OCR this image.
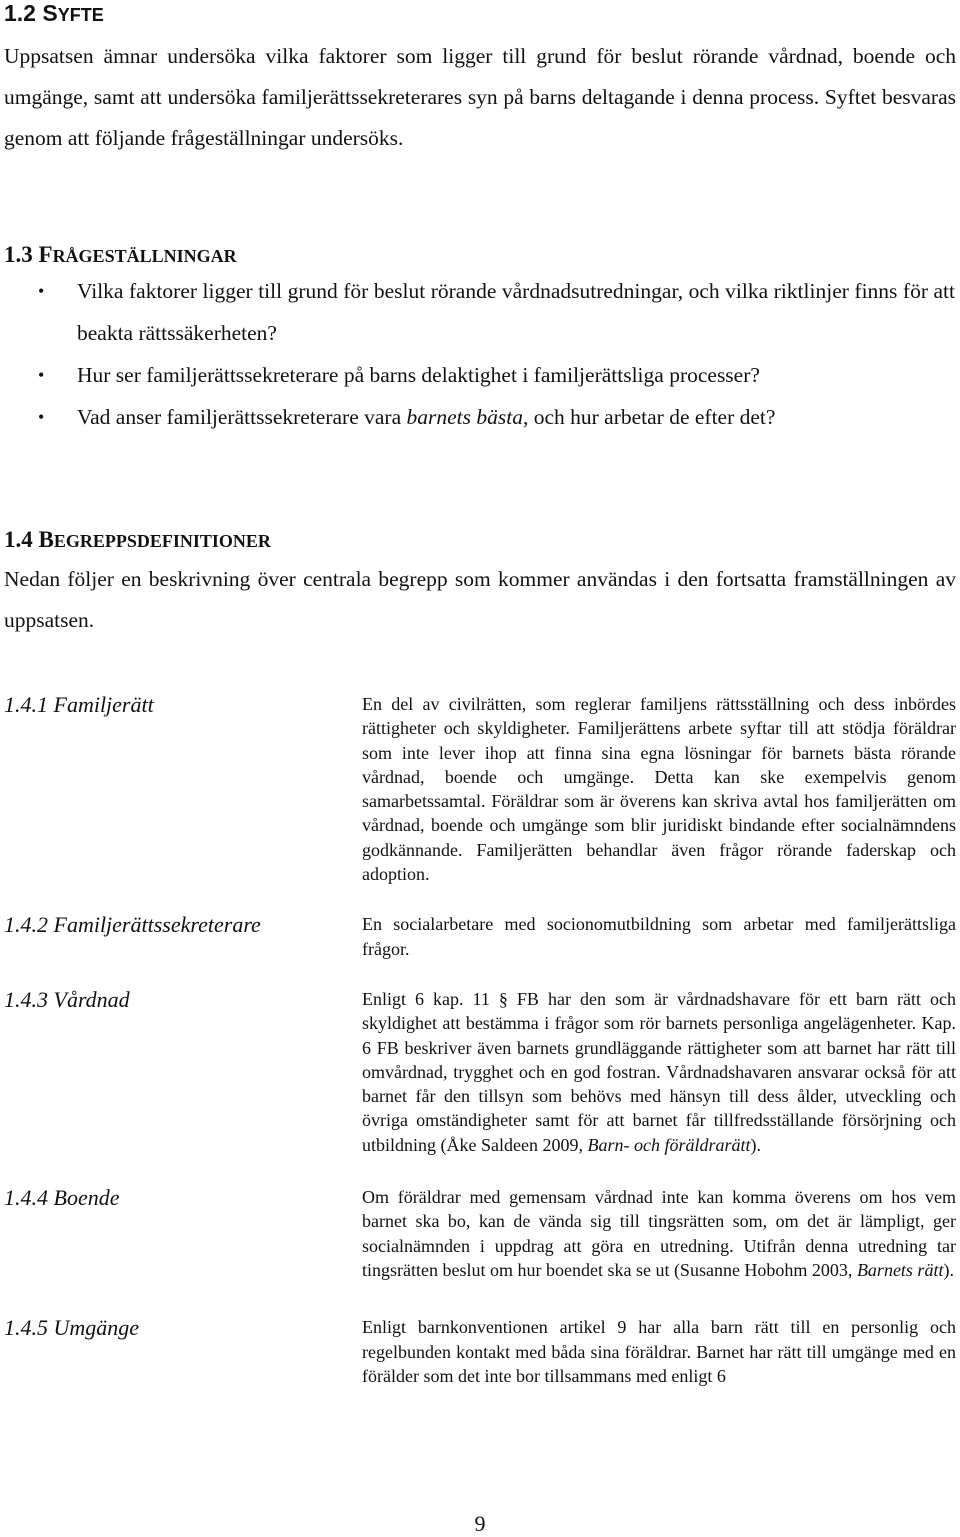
1.2 SYFTE

Uppsatsen ämnar undersöka vilka faktorer som ligger till grund för beslut rörande vårdnad, boende och umgänge, samt att undersöka familjerättssekreterares syn på barns deltagande i denna process. Syftet besvaras genom att följande frågeställningar undersöks.

1.3 FRÅGESTÄLLNINGAR
• Vilka faktorer ligger till grund för beslut rörande vårdnadsutredningar, och vilka riktlinjer finns för att beakta rättssäkerheten?
• Hur ser familjerättssekreterare på barns delaktighet i familjerättsliga processer?
• Vad anser familjerättssekreterare vara barnets bästa, och hur arbetar de efter det?
1.4 BEGREPPSDEFINITIONER

Nedan följer en beskrivning över centrala begrepp som kommer användas i den fortsatta framställningen av uppsatsen.

1.4.1 Familjerätt	En del av civilrätten, som reglerar familjens rättsställning och dess inbördes rättigheter och skyldigheter. Familjerättens arbete syftar till att stödja föräldrar som inte lever ihop att finna sina egna lösningar för barnets bästa rörande vårdnad, boende och umgänge. Detta kan ske exempelvis genom samarbetssamtal. Föräldrar som är överens kan skriva avtal hos familjerätten om vårdnad, boende och umgänge som blir juridiskt bindande efter socialnämndens godkännande. Familjerätten behandlar även frågor rörande faderskap och adoption.
1.4.2 Familjerättssekreterare	En socialarbetare med socionomutbildning som arbetar med familjerättsliga frågor.
1.4.3 Vårdnad	Enligt 6 kap. 11 § FB har den som är vårdnadshavare för ett barn rätt och skyldighet att bestämma i frågor som rör barnets personliga angelägenheter. Kap. 6 FB beskriver även barnets grundläggande rättigheter som att barnet har rätt till omvårdnad, trygghet och en god fostran. Vårdnadshavaren ansvarar också för att barnet får den tillsyn som behövs med hänsyn till dess ålder, utveckling och övriga omständigheter samt för att barnet får tillfredsställande försörjning och utbildning (Åke Saldeen 2009, Barn- och föräldrarätt).
1.4.4 Boende	Om föräldrar med gemensam vårdnad inte kan komma överens om hos vem barnet ska bo, kan de vända sig till tingsrätten som, om det är lämpligt, ger socialnämnden i uppdrag att göra en utredning. Utifrån denna utredning tar tingsrätten beslut om hur boendet ska se ut (Susanne Hobohm 2003, Barnets rätt).
1.4.5 Umgänge	Enligt barnkonventionen artikel 9 har alla barn rätt till en personlig och regelbunden kontakt med båda sina föräldrar. Barnet har rätt till umgänge med en förälder som det inte bor tillsammans med enligt 6
9
